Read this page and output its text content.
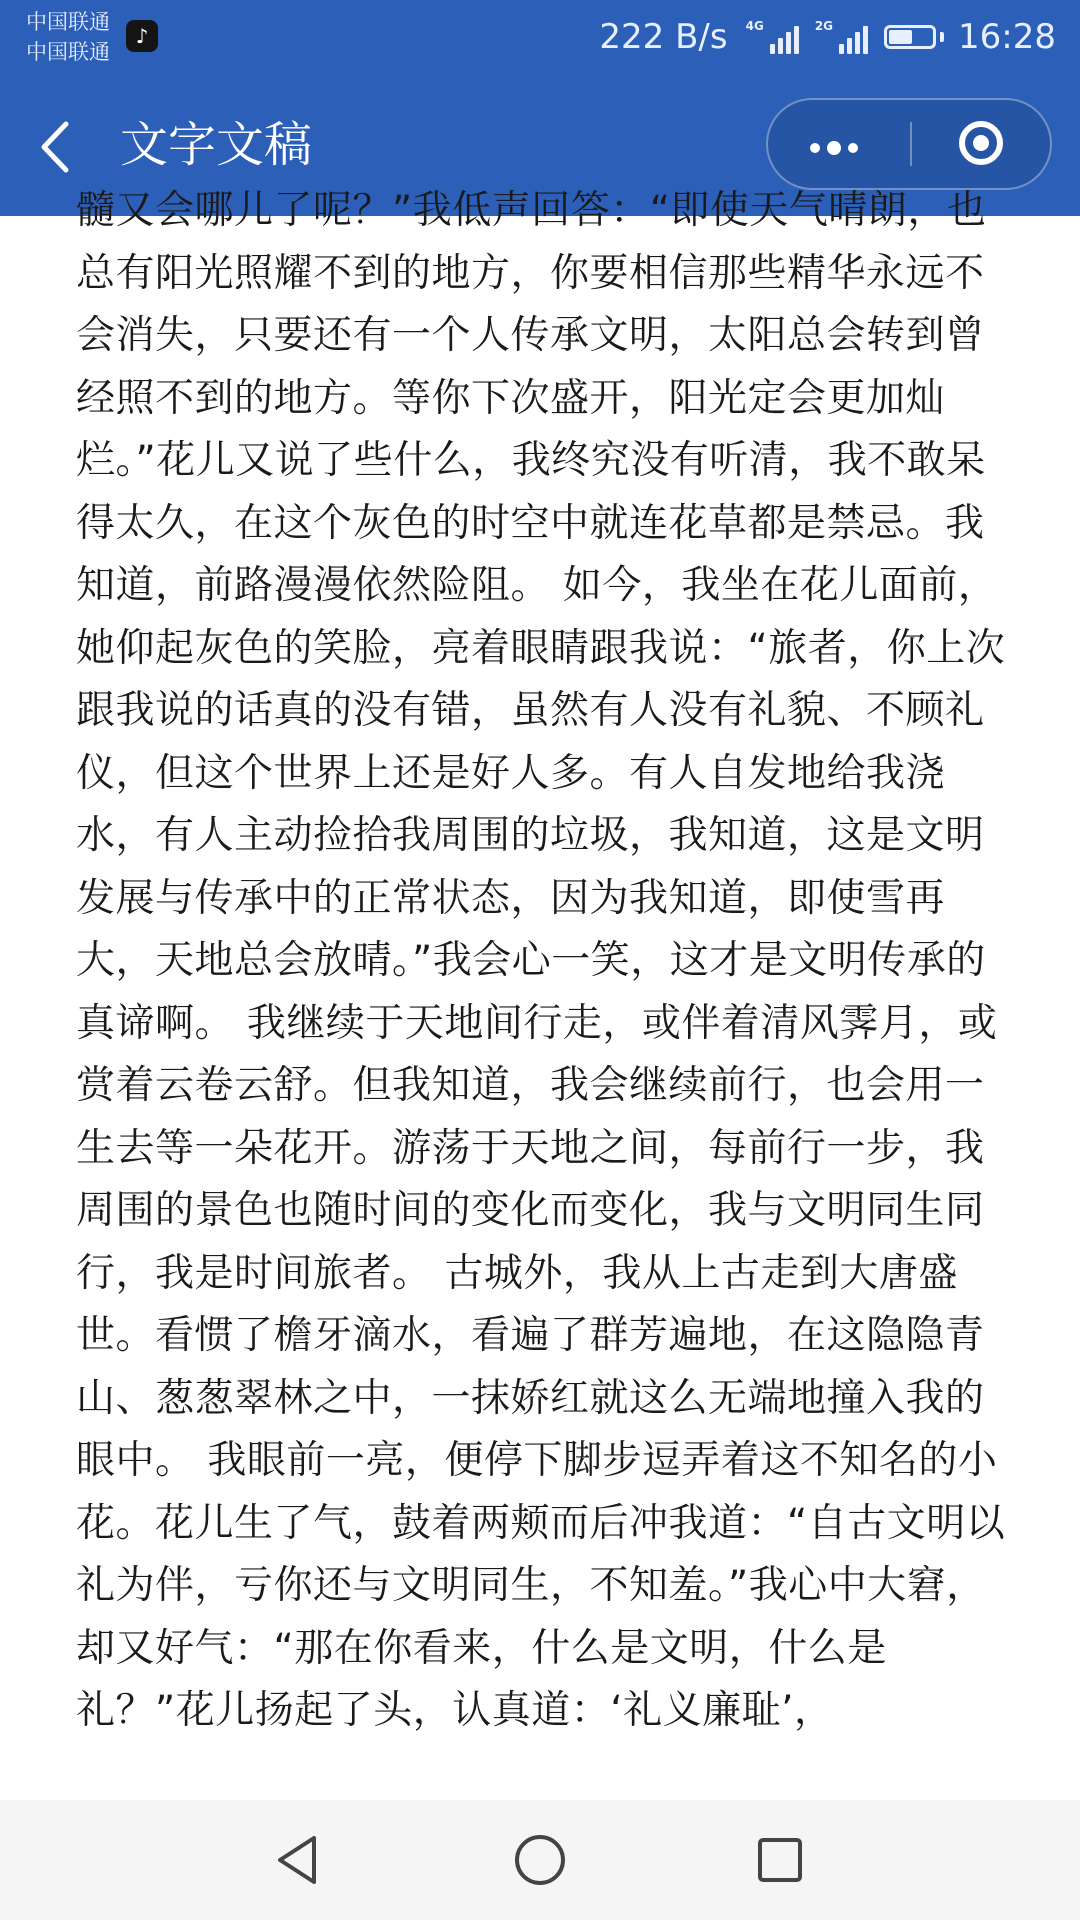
中国联通
中国联通
♪	222 B/s 4G	2G	16:28
文字文稿

髓又会哪儿了呢？”我低声回答：“即使天气晴朗，也总有阳光照耀不到的地方，你要相信那些精华永远不会消失，只要还有一个人传承文明，太阳总会转到曾经照不到的地方。等你下次盛开，阳光定会更加灿烂。”花儿又说了些什么，我终究没有听清，我不敢呆得太久，在这个灰色的时空中就连花草都是禁忌。我知道，前路漫漫依然险阻。 如今，我坐在花儿面前，她仰起灰色的笑脸，亮着眼睛跟我说：“旅者，你上次跟我说的话真的没有错，虽然有人没有礼貌、不顾礼仪，但这个世界上还是好人多。有人自发地给我浇水，有人主动捡拾我周围的垃圾，我知道，这是文明发展与传承中的正常状态，因为我知道，即使雪再大，天地总会放晴。”我会心一笑，这才是文明传承的真谛啊。 我继续于天地间行走，或伴着清风霁月，或赏着云卷云舒。但我知道，我会继续前行，也会用一生去等一朵花开。游荡于天地之间，每前行一步，我周围的景色也随时间的变化而变化，我与文明同生同行，我是时间旅者。 古城外，我从上古走到大唐盛世。看惯了檐牙滴水，看遍了群芳遍地，在这隐隐青山、葱葱翠林之中，一抹娇红就这么无端地撞入我的眼中。 我眼前一亮，便停下脚步逗弄着这不知名的小花。花儿生了气，鼓着两颊而后冲我道：“自古文明以礼为伴，亏你还与文明同生，不知羞。”我心中大窘，却又好气：“那在你看来，什么是文明，什么是礼？”花儿扬起了头，认真道：‘礼义廉耻’，
